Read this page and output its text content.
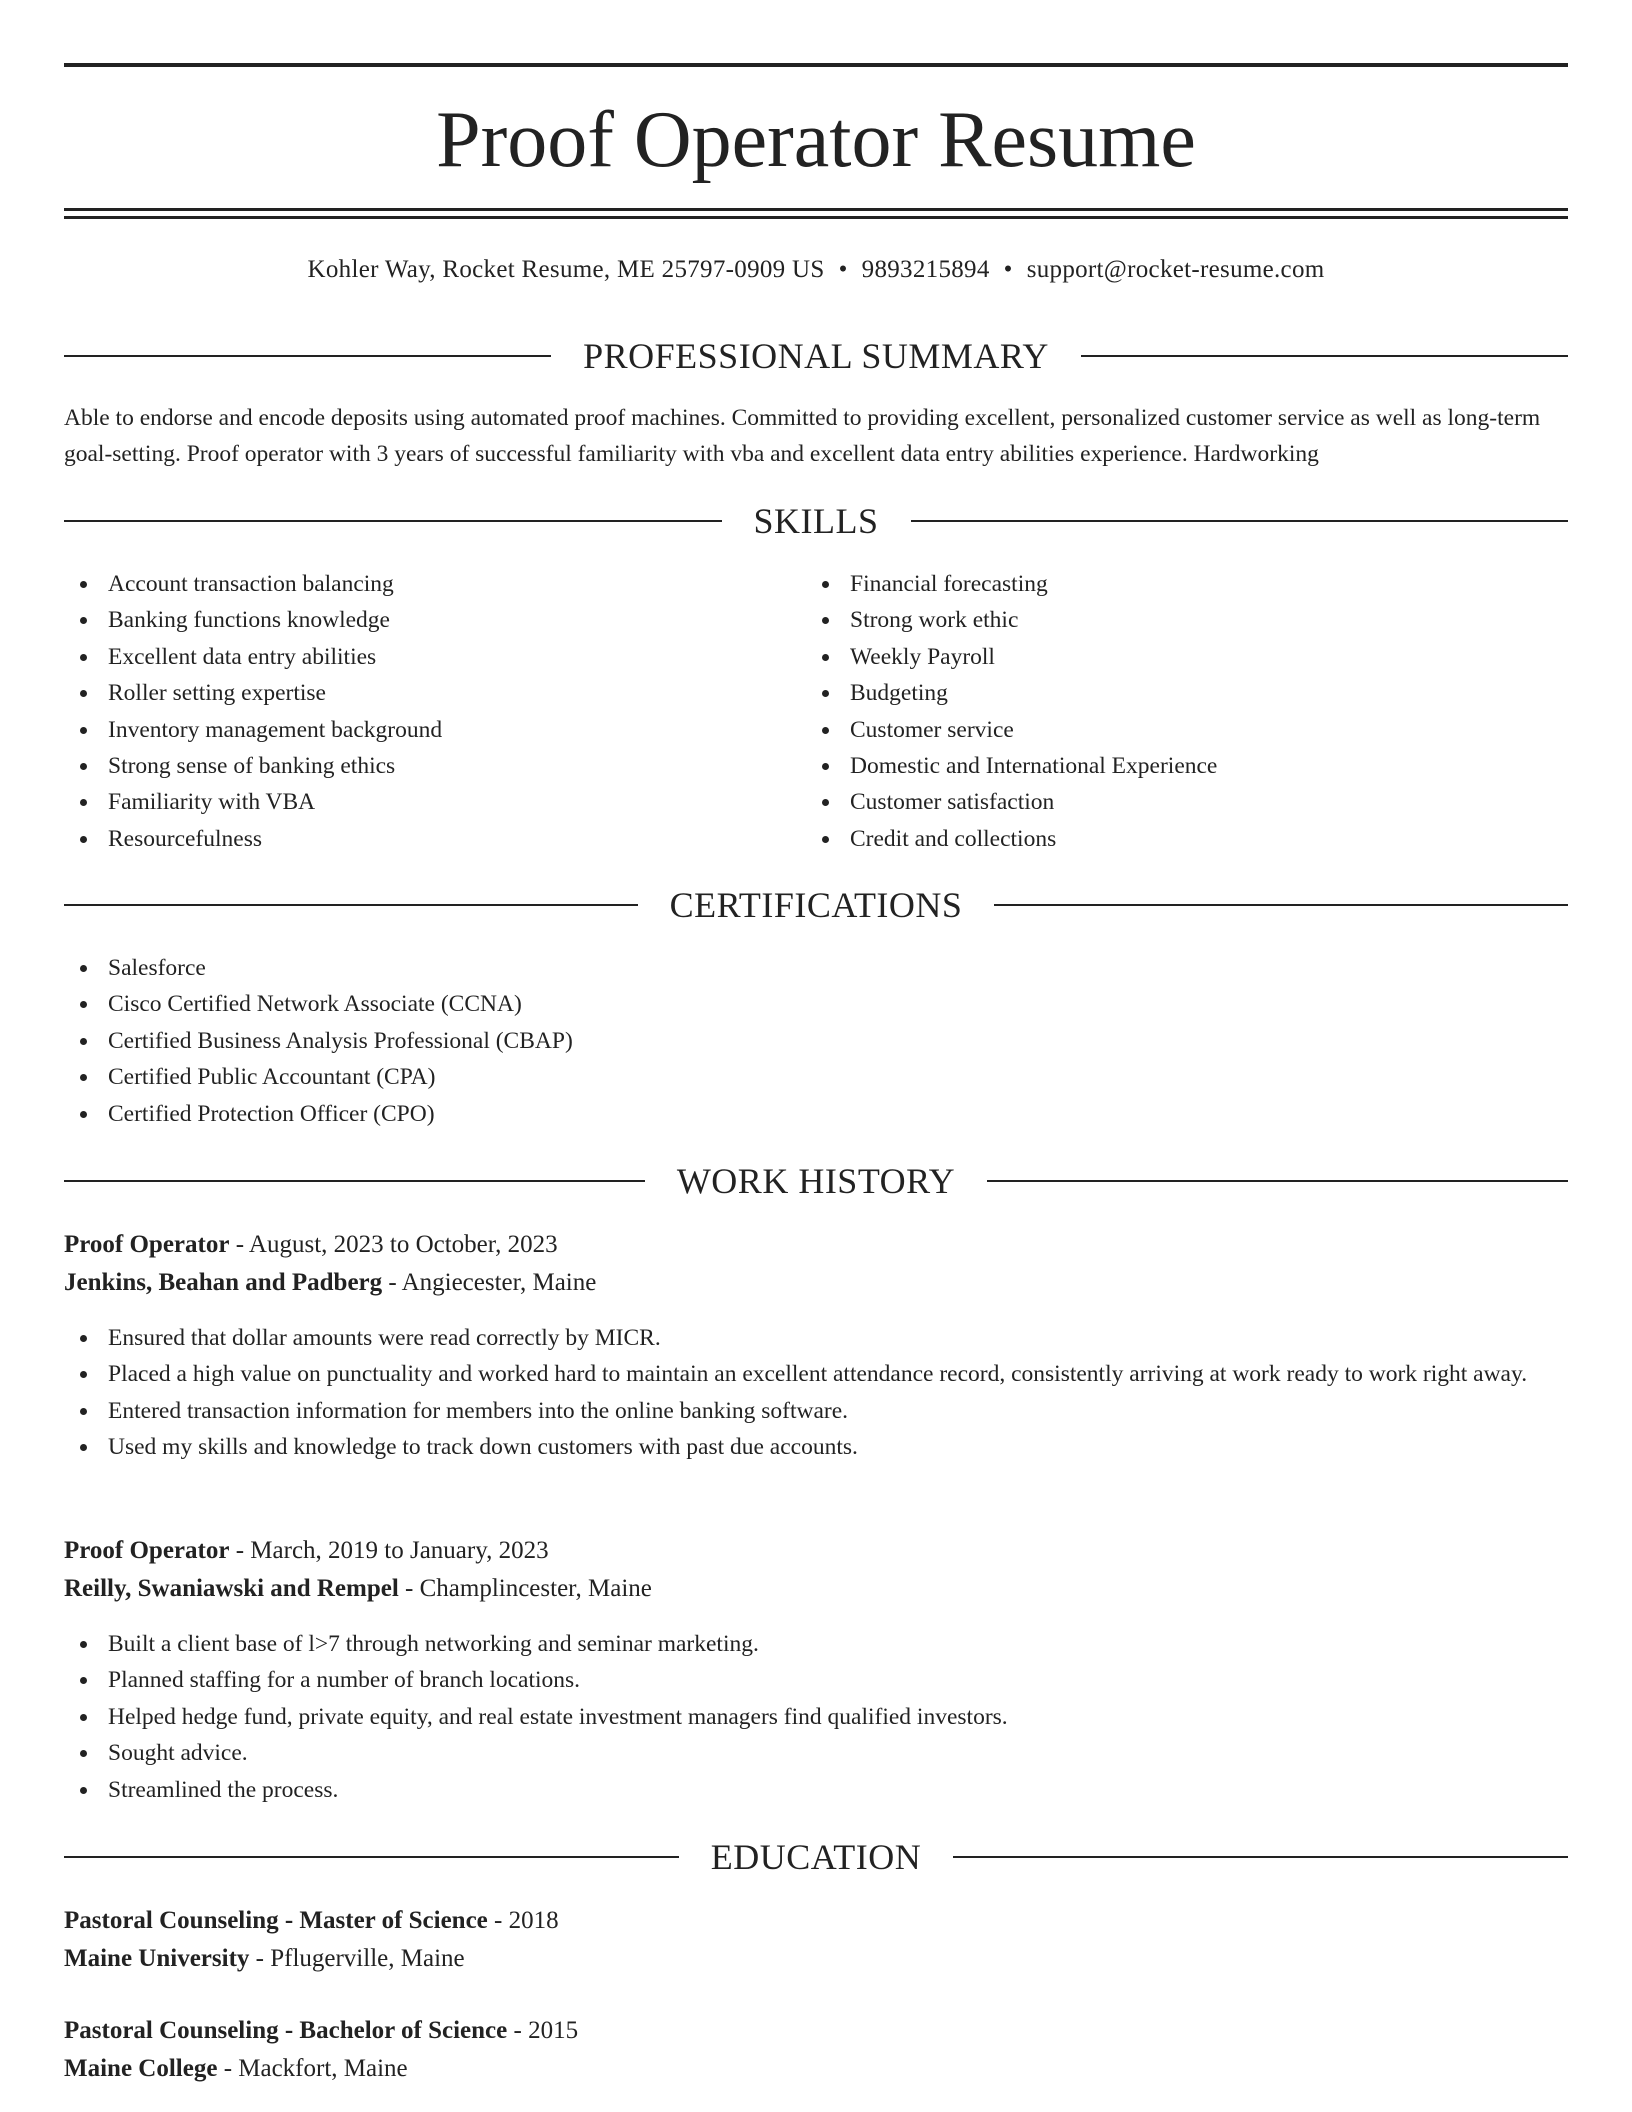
Proof Operator Resume
Kohler Way, Rocket Resume, ME 25797-0909 US • 9893215894 • support@rocket-resume.com
PROFESSIONAL SUMMARY
Able to endorse and encode deposits using automated proof machines. Committed to providing excellent, personalized customer service as well as long-term goal-setting. Proof operator with 3 years of successful familiarity with vba and excellent data entry abilities experience. Hardworking
SKILLS
Account transaction balancing
Banking functions knowledge
Excellent data entry abilities
Roller setting expertise
Inventory management background
Strong sense of banking ethics
Familiarity with VBA
Resourcefulness
Financial forecasting
Strong work ethic
Weekly Payroll
Budgeting
Customer service
Domestic and International Experience
Customer satisfaction
Credit and collections
CERTIFICATIONS
Salesforce
Cisco Certified Network Associate (CCNA)
Certified Business Analysis Professional (CBAP)
Certified Public Accountant (CPA)
Certified Protection Officer (CPO)
WORK HISTORY
Proof Operator - August, 2023 to October, 2023
Jenkins, Beahan and Padberg - Angiecester, Maine
Ensured that dollar amounts were read correctly by MICR.
Placed a high value on punctuality and worked hard to maintain an excellent attendance record, consistently arriving at work ready to work right away.
Entered transaction information for members into the online banking software.
Used my skills and knowledge to track down customers with past due accounts.
Proof Operator - March, 2019 to January, 2023
Reilly, Swaniawski and Rempel - Champlincester, Maine
Built a client base of l>7 through networking and seminar marketing.
Planned staffing for a number of branch locations.
Helped hedge fund, private equity, and real estate investment managers find qualified investors.
Sought advice.
Streamlined the process.
EDUCATION
Pastoral Counseling - Master of Science - 2018
Maine University - Pflugerville, Maine
Pastoral Counseling - Bachelor of Science - 2015
Maine College - Mackfort, Maine
